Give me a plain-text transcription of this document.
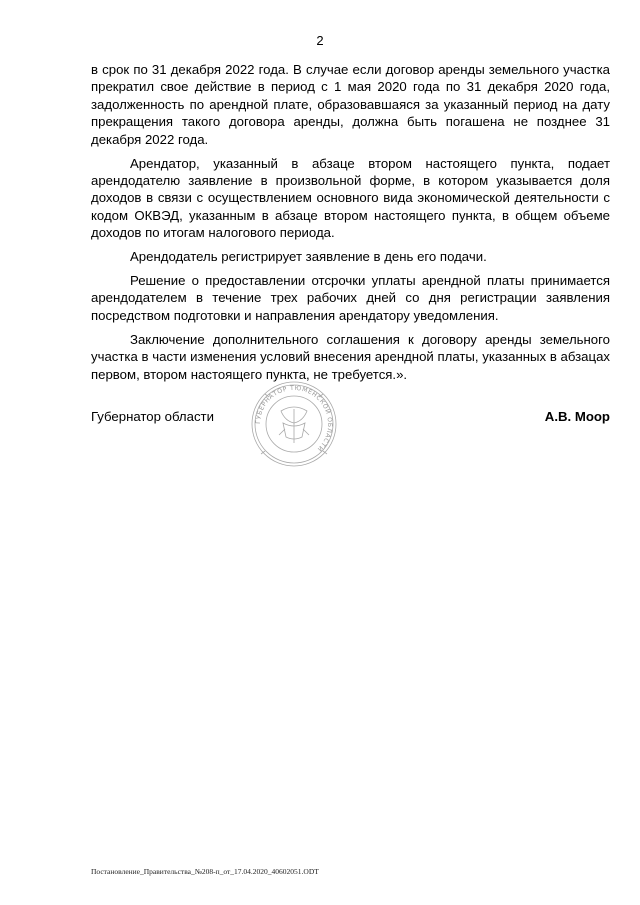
2

в срок по 31 декабря 2022 года. В случае если договор аренды земельного участка прекратил свое действие в период с 1 мая 2020 года по 31 декабря 2020 года, задолженность по арендной плате, образовавшаяся за указанный период на дату прекращения такого договора аренды, должна быть погашена не позднее 31 декабря 2022 года.

Арендатор, указанный в абзаце втором настоящего пункта, подает арендодателю заявление в произвольной форме, в котором указывается доля доходов в связи с осуществлением основного вида экономической деятельности с кодом ОКВЭД, указанным в абзаце втором настоящего пункта, в общем объеме доходов по итогам налогового периода.

Арендодатель регистрирует заявление в день его подачи.

Решение о предоставлении отсрочки уплаты арендной платы принимается арендодателем в течение трех рабочих дней со дня регистрации заявления посредством подготовки и направления арендатору уведомления.

Заключение дополнительного соглашения к договору аренды земельного участка в части изменения условий внесения арендной платы, указанных в абзацах первом, втором настоящего пункта, не требуется.».

Губернатор области	А.В. Моор
ГУБЕРНАТОР ТЮМЕНСКОЙ ОБЛАСТИ
Постановление_Правительства_№208-п_от_17.04.2020_40602051.ODT
